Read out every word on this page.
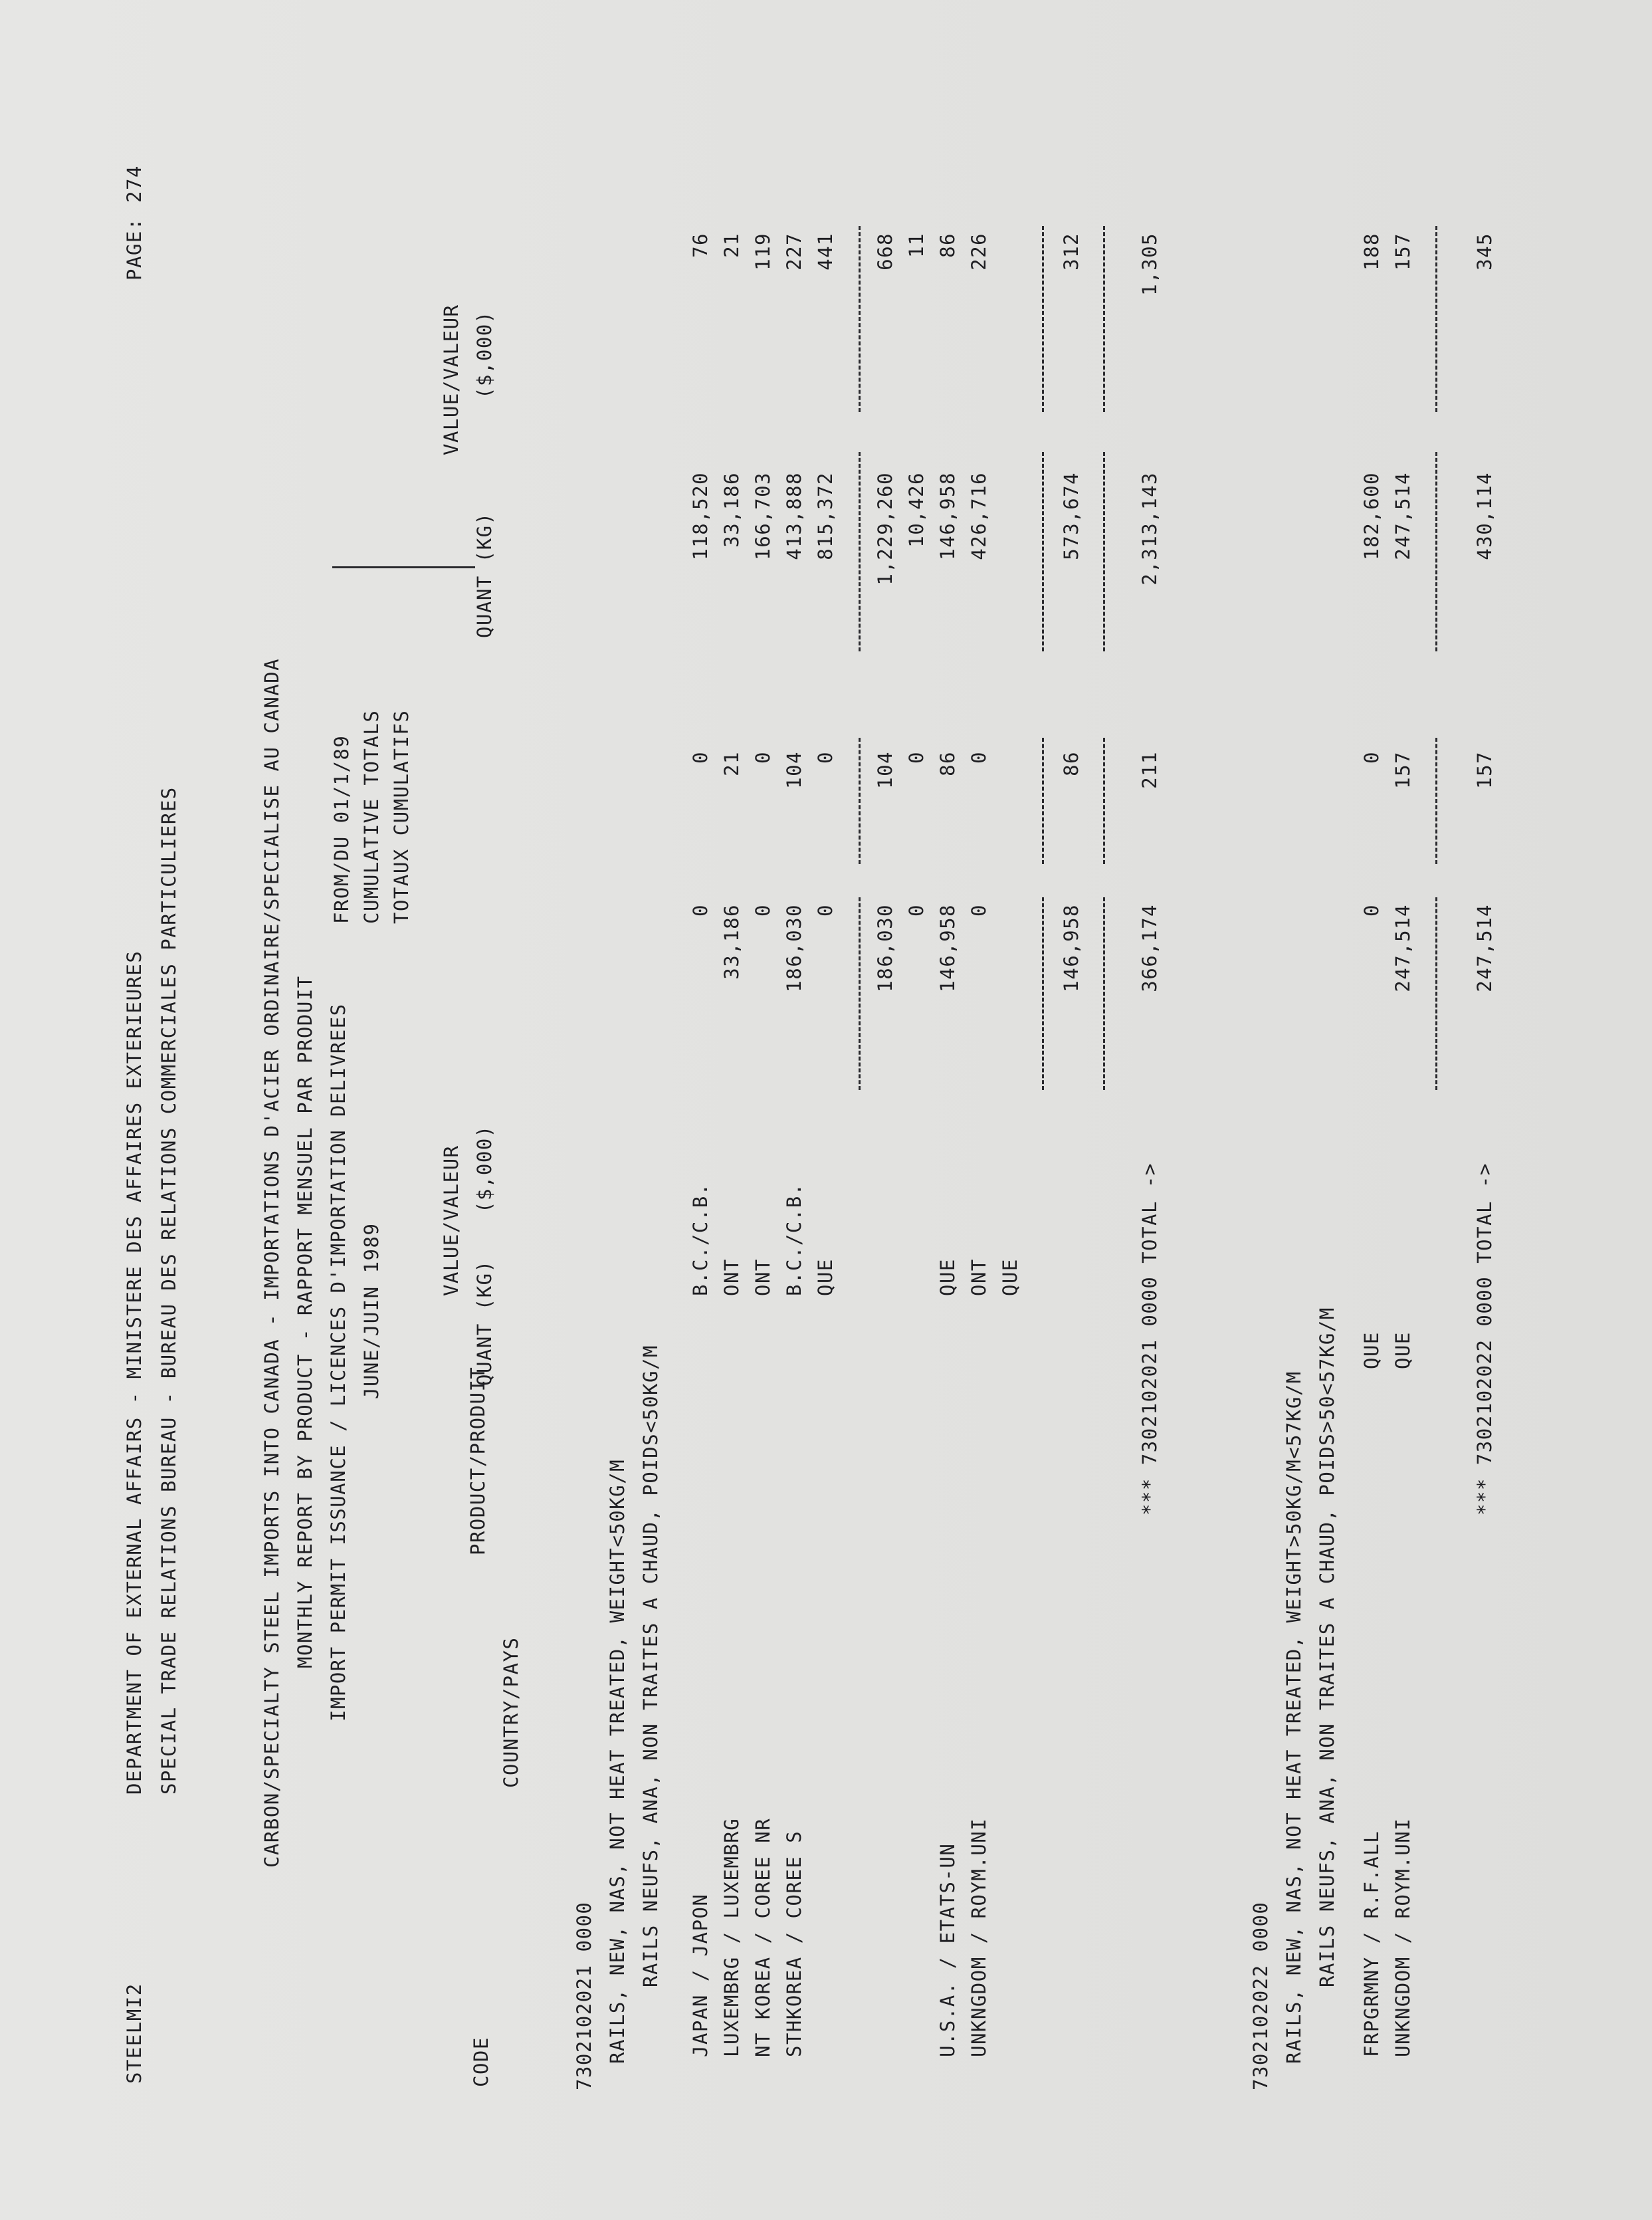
STEELMI2
DEPARTMENT OF EXTERNAL AFFAIRS - MINISTERE DES AFFAIRES EXTERIEURES SPECIAL TRADE RELATIONS BUREAU - BUREAU DES RELATIONS COMMERCIALES PARTICULIERES
PAGE:
274
CARBON/SPECIALTY STEEL IMPORTS INTO CANADA - IMPORTATIONS D'ACIER ORDINAIRE/SPECIALISE AU CANADA MONTHLY REPORT BY PRODUCT - RAPPORT MENSUEL PAR PRODUIT IMPORT PERMIT ISSUANCE / LICENCES D'IMPORTATION DELIVREES JUNE/JUIN 1989
FROM/DU 01/1/89 CUMULATIVE TOTALS TOTAUX CUMULATIFS
CODE
COUNTRY/PAYS
PRODUCT/PRODUIT
VALUE/VALEUR ($,000)
QUANT (KG)
QUANT (KG)
VALUE/VALEUR ($,000)
7302102021 0000 RAILS, NEW, NAS, NOT HEAT TREATED, WEIGHT<50KG/M RAILS NEUFS, ANA, NON TRAITES A CHAUD, POIDS<50KG/M JAPAN / JAPON
B.C./C.B.
0
0
118,520
76
LUXEMBRG / LUXEMBRG
ONT
33,186
21
33,186
21
NT KOREA / COREE NR
ONT
0
0
166,703
119
STHKOREA / COREE S
B.C./C.B.
186,030
104
413,888
227
QUE
0
0
815,372
441
186,030
104
1,229,260
668
0
0
10,426
11
U.S.A. / ETATS-UN
QUE
146,958
86
146,958
86
UNKNGDOM / ROYM.UNI
ONT
0
0
426,716
226
QUE
146,958
86
573,674
312
*** 7302102021 0000 TOTAL ->
366,174
211
2,313,143
1,305
7302102022 0000 RAILS, NEW, NAS, NOT HEAT TREATED, WEIGHT>50KG/M<57KG/M RAILS NEUFS, ANA, NON TRAITES A CHAUD, POIDS>50<57KG/M FRPGRMNY / R.F.ALL
QUE
0
0
182,600
188
UNKNGDOM / ROYM.UNI
QUE
247,514
157
247,514
157
*** 7302102022 0000 TOTAL ->
247,514
157
430,114
345
